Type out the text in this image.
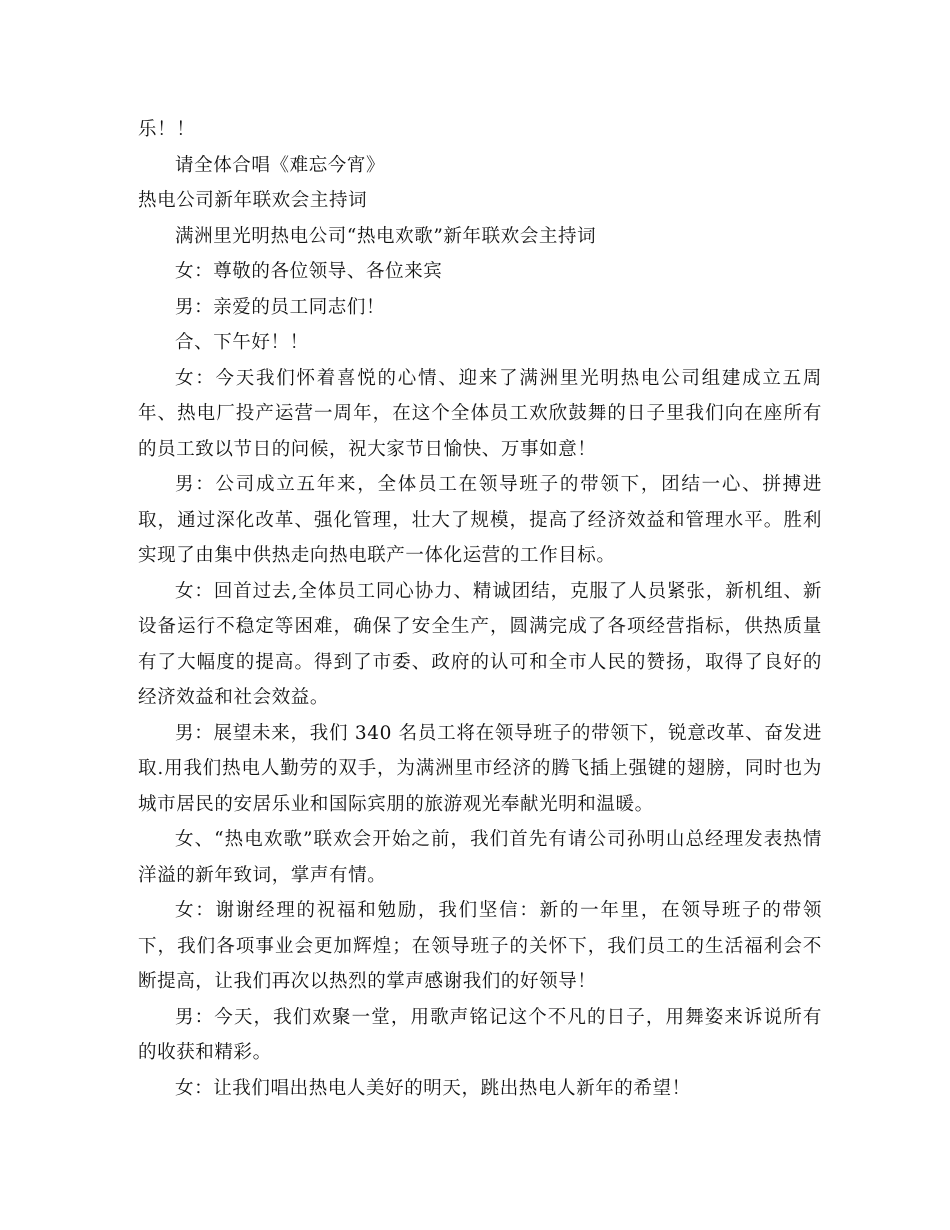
乐！！

请全体合唱《难忘今宵》

热电公司新年联欢会主持词

满洲里光明热电公司“热电欢歌”新年联欢会主持词

女：尊敬的各位领导、各位来宾

男：亲爱的员工同志们！

合、下午好！！

女：今天我们怀着喜悦的心情、迎来了满洲里光明热电公司组建成立五周年、热电厂投产运营一周年，在这个全体员工欢欣鼓舞的日子里我们向在座所有的员工致以节日的问候，祝大家节日愉快、万事如意！

男：公司成立五年来，全体员工在领导班子的带领下，团结一心、拼搏进取，通过深化改革、强化管理，壮大了规模，提高了经济效益和管理水平。胜利实现了由集中供热走向热电联产一体化运营的工作目标。

女：回首过去,全体员工同心协力、精诚团结，克服了人员紧张，新机组、新设备运行不稳定等困难，确保了安全生产，圆满完成了各项经营指标，供热质量有了大幅度的提高。得到了市委、政府的认可和全市人民的赞扬，取得了良好的经济效益和社会效益。

男：展望未来，我们 340 名员工将在领导班子的带领下，锐意改革、奋发进取.用我们热电人勤劳的双手，为满洲里市经济的腾飞插上强键的翅膀，同时也为城市居民的安居乐业和国际宾朋的旅游观光奉献光明和温暖。

女、“热电欢歌”联欢会开始之前，我们首先有请公司孙明山总经理发表热情洋溢的新年致词，掌声有情。

女：谢谢经理的祝福和勉励，我们坚信：新的一年里，在领导班子的带领下，我们各项事业会更加辉煌；在领导班子的关怀下，我们员工的生活福利会不断提高，让我们再次以热烈的掌声感谢我们的好领导！

男：今天，我们欢聚一堂，用歌声铭记这个不凡的日子，用舞姿来诉说所有的收获和精彩。

女：让我们唱出热电人美好的明天，跳出热电人新年的希望！
